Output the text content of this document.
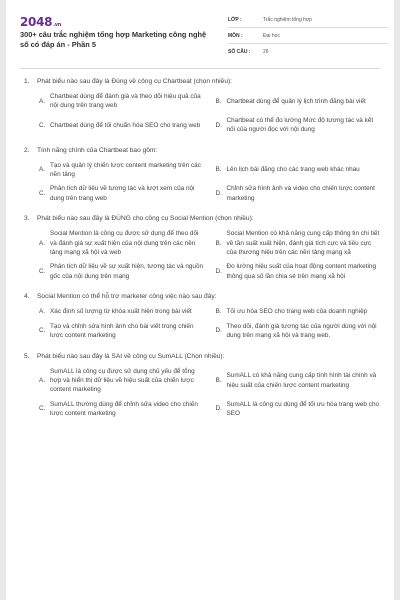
2048.vn
300+ câu trắc nghiệm tổng hợp Marketing công nghệ số có đáp án - Phần 5
LỚP :	Trắc nghiệm tổng hợp
MÔN :	Đại học
SỐ CÂU :	26
1. Phát biểu nào sau đây là Đúng về công cụ Chartbeat (chọn nhiều):
A.
Chartbeat dùng để đánh giá và theo dõi hiệu quả của nội dung trên trang web
B. Chartbeat dùng để quản lý lịch trình đăng bài viết
C. Chartbeat dùng để tối chuẩn hóa SEO cho trang web	D.
Chartbeat có thể đo lường Mức độ tương tác và kết nối của người đọc với nội dung
2. Tính năng chính của Chartbeat bao gồm:
A.
Tạo và quản lý chiến lược content marketing trên các nền tảng
B. Lên lịch bài đăng cho các trang web khác nhau
C.
Phân tích dữ liệu về tương tác và lượt xem của nội dung trên trang web
D.
Chỉnh sửa hình ảnh và video cho chiến lược content marketing
3. Phát biểu nào sau đây là ĐÚNG cho công cụ Social Mention (chọn nhiều):
A.
Social Mention là công cụ được sử dụng để theo dõi và đánh giá sự xuất hiện của nội dung trên các nền tảng mạng xã hội và web
B.
Social Mention có khả năng cung cấp thông tin chi tiết về tần suất xuất hiện, đánh giá tích cực và tiêu cực của thương hiệu trên các nền tảng mạng xã
C.
Phân tích dữ liệu về sự xuất hiện, tương tác và nguồn gốc của nội dung trên mạng
D.
Đo lường hiệu suất của hoạt động content marketing thông qua số lần chia sẻ trên mạng xã hội
4. Social Mention có thể hỗ trợ marketer công việc nào sau đây:
A. Xác định số lượng từ khóa xuất hiện trong bài viết	B. Tối ưu hóa SEO cho trang web của doanh nghiệp
C.
Tạo và chỉnh sửa hình ảnh cho bài viết trong chiến lược content marketing
D.
Theo dõi, đánh giá tương tác của người dùng với nội dung trên mạng xã hội và trang web.
5. Phát biểu nào sau đây là SAI về công cụ SumALL (Chọn nhiều):
A.
SumALL là công cụ được sử dụng chủ yếu để tổng hợp và hiển thị dữ liệu về hiệu suất của chiến lược content marketing
B.
SumALL có khả năng cung cấp tính hình tài chính và hiệu suất của chiến lược content marketing
C.
SumALL thường dùng để chỉnh sửa video cho chiến lược content marketing
D.
SumALL là công cụ dùng để tối ưu hóa trang web cho SEO
